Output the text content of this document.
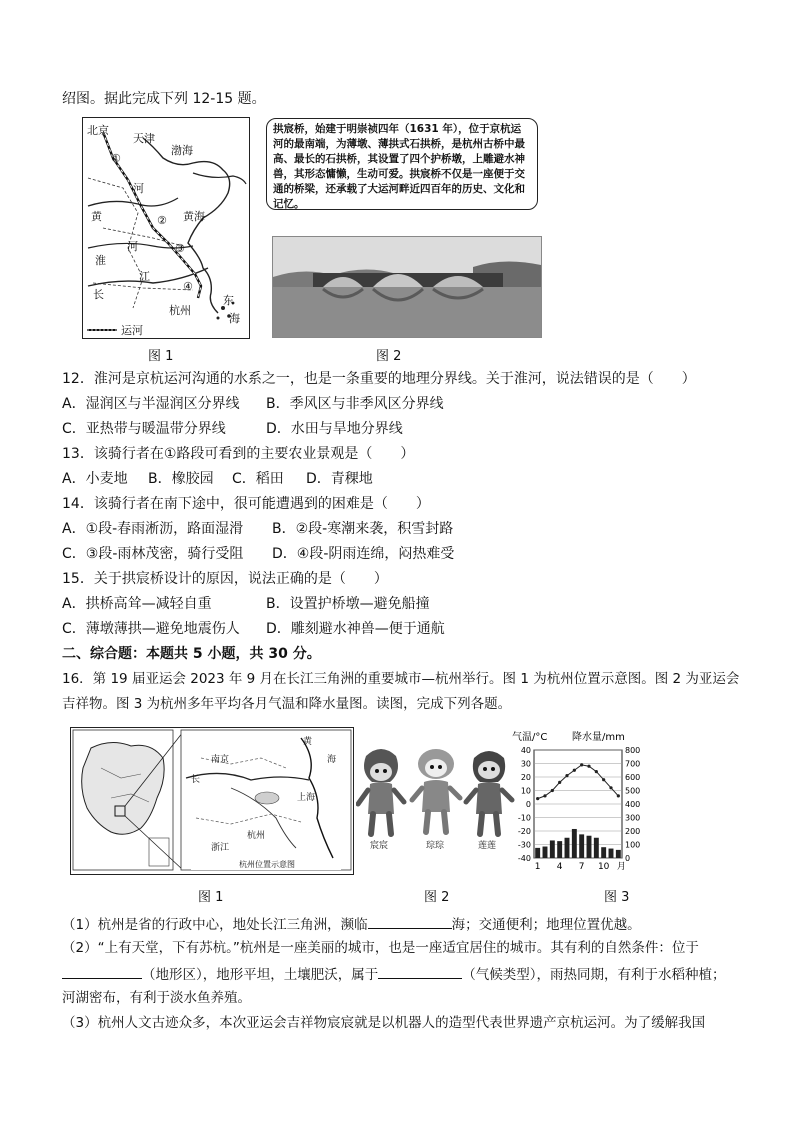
绍图。据此完成下列 12-15 题。
北京
天津
渤海
河
黄	黄海
淮
河
江
长
杭州
东
海
运河
①
②
③
④
拱宸桥，始建于明崇祯四年（1631 年），位于京杭运河的最南端，为薄墩、薄拱式石拱桥，是杭州古桥中最高、最长的石拱桥，其设置了四个护桥墩，上雕避水神兽，其形态慵懒，生动可爱。拱宸桥不仅是一座便于交通的桥梁，还承载了大运河畔近四百年的历史、文化和记忆。
图 1	图 2
12．淮河是京杭运河沟通的水系之一，也是一条重要的地理分界线。关于淮河，说法错误的是（　　）
A．湿润区与半湿润区分界线 B．季风区与非季风区分界线
C．亚热带与暖温带分界线	D．水田与旱地分界线
13．该骑行者在①路段可看到的主要农业景观是（　　）
A．小麦地 B．橡胶园 C．稻田 D．青稞地
14．该骑行者在南下途中，很可能遭遇到的困难是（　　）
A．①段-春雨淅沥，路面湿滑 B．②段-寒潮来袭，积雪封路
C．③段-雨林茂密，骑行受阻 D．④段-阴雨连绵，闷热难受
15．关于拱宸桥设计的原因，说法正确的是（　　）
A．拱桥高耸—减轻自重	B．设置护桥墩—避免船撞
C．薄墩薄拱—避免地震伤人 D．雕刻避水神兽—便于通航
二、综合题：本题共 5 小题，共 30 分。
16．第 19 届亚运会 2023 年 9 月在长江三角洲的重要城市—杭州举行。图 1 为杭州位置示意图。图 2 为亚运会
吉祥物。图 3 为杭州多年平均各月气温和降水量图。读图，完成下列各题。
黄
海
长
南京
上海
杭州
浙江
杭州位置示意图
宸宸	琮琮	莲莲
气温/°C 降水量/mm
40	800
30	700
20	600
10	500
0	400
-10	300
-20	200
-30	100
-40	0
1 4 7 10 月
图 1	图 2	图 3
（1）杭州是省的行政中心，地处长江三角洲，濒临	海；交通便利；地理位置优越。
（2）“上有天堂，下有苏杭。”杭州是一座美丽的城市，也是一座适宜居住的城市。其有利的自然条件：位于
（地形区），地形平坦，土壤肥沃，属于	（气候类型），雨热同期，有利于水稻种植；
河湖密布，有利于淡水鱼养殖。
（3）杭州人文古迹众多，本次亚运会吉祥物宸宸就是以机器人的造型代表世界遗产京杭运河。为了缓解我国
